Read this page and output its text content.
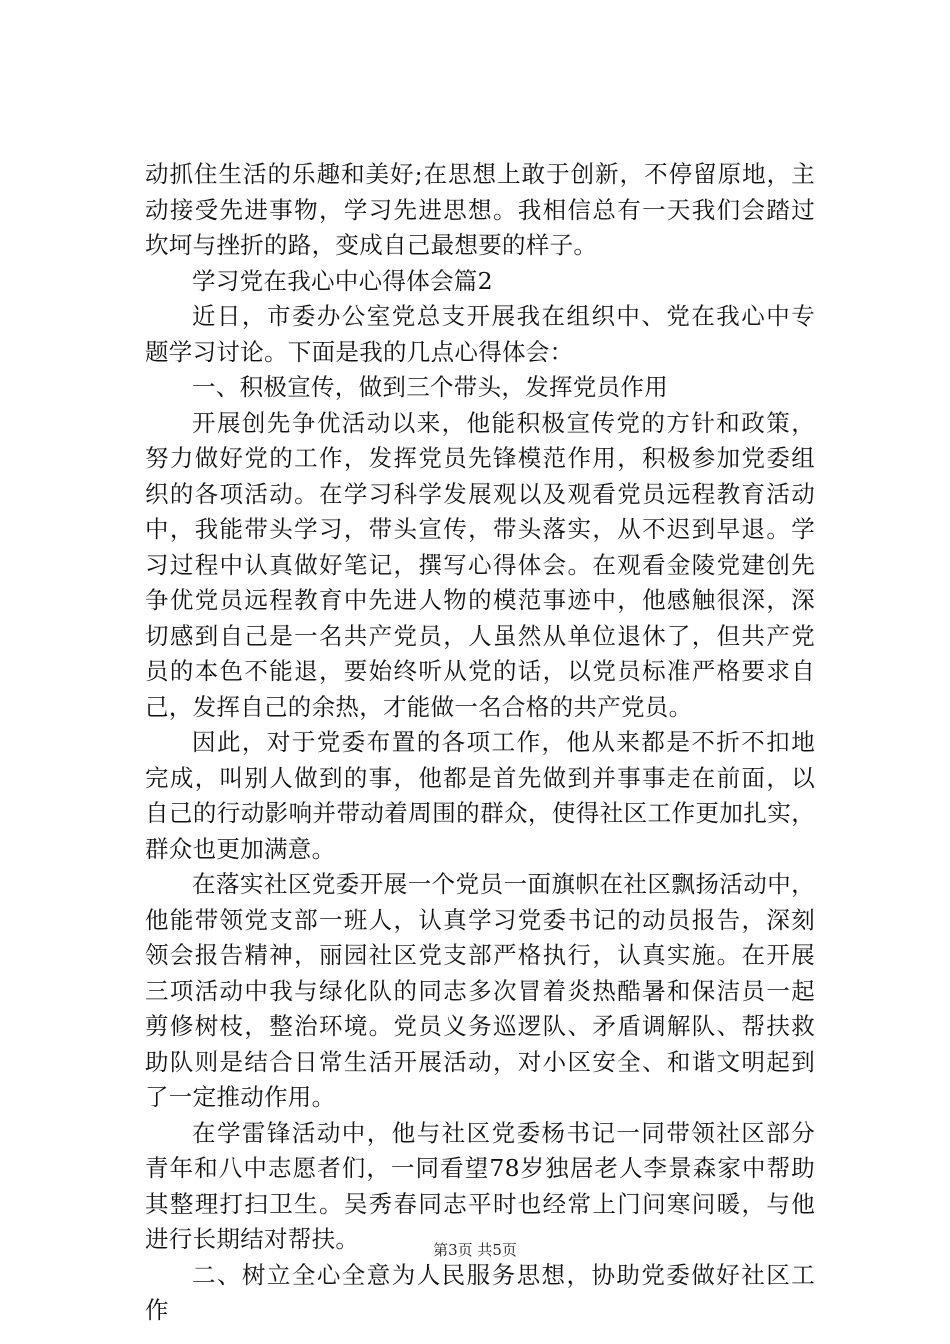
动抓住生活的乐趣和美好;在思想上敢于创新，不停留原地，主
动接受先进事物，学习先进思想。我相信总有一天我们会踏过
坎坷与挫折的路，变成自己最想要的样子。
学习党在我心中心得体会篇2
近日，市委办公室党总支开展我在组织中、党在我心中专
题学习讨论。下面是我的几点心得体会：
一、积极宣传，做到三个带头，发挥党员作用
开展创先争优活动以来，他能积极宣传党的方针和政策，
努力做好党的工作，发挥党员先锋模范作用，积极参加党委组
织的各项活动。在学习科学发展观以及观看党员远程教育活动
中，我能带头学习，带头宣传，带头落实，从不迟到早退。学
习过程中认真做好笔记，撰写心得体会。在观看金陵党建创先
争优党员远程教育中先进人物的模范事迹中，他感触很深，深
切感到自己是一名共产党员，人虽然从单位退休了，但共产党
员的本色不能退，要始终听从党的话，以党员标准严格要求自
己，发挥自己的余热，才能做一名合格的共产党员。
因此，对于党委布置的各项工作，他从来都是不折不扣地
完成，叫别人做到的事，他都是首先做到并事事走在前面，以
自己的行动影响并带动着周围的群众，使得社区工作更加扎实，
群众也更加满意。
在落实社区党委开展一个党员一面旗帜在社区飘扬活动中，
他能带领党支部一班人，认真学习党委书记的动员报告，深刻
领会报告精神，丽园社区党支部严格执行，认真实施。在开展
三项活动中我与绿化队的同志多次冒着炎热酷暑和保洁员一起
剪修树枝，整治环境。党员义务巡逻队、矛盾调解队、帮扶救
助队则是结合日常生活开展活动，对小区安全、和谐文明起到
了一定推动作用。
在学雷锋活动中，他与社区党委杨书记一同带领社区部分
青年和八中志愿者们，一同看望78岁独居老人李景森家中帮助
其整理打扫卫生。吴秀春同志平时也经常上门问寒问暖，与他
进行长期结对帮扶。
二、树立全心全意为人民服务思想，协助党委做好社区工
作
第3页 共5页
